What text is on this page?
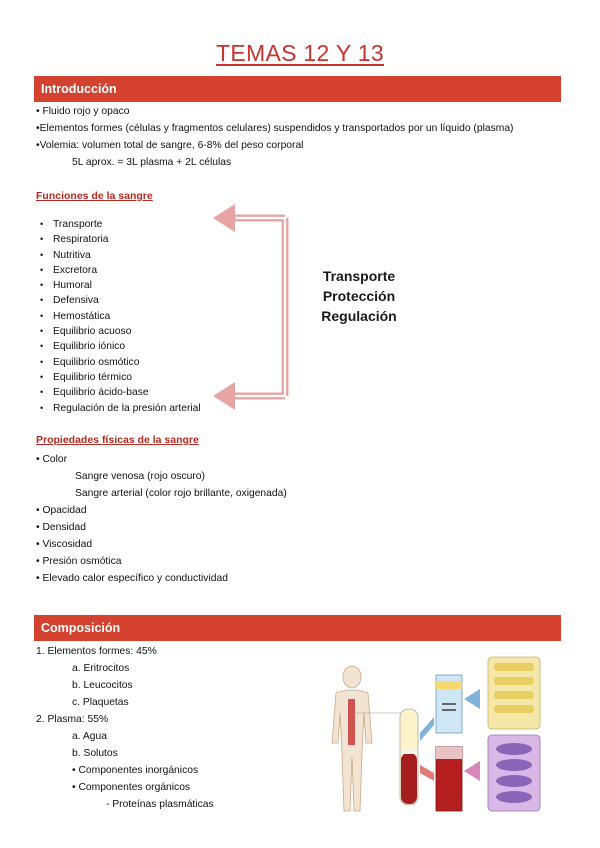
TEMAS 12 Y 13
Introducción
• Fluido rojo y opaco
•Elementos formes (células y fragmentos celulares) suspendidos y transportados por un líquido (plasma)
•Volemia: volumen total de sangre, 6-8% del peso corporal
5L aprox. = 3L plasma + 2L células
Funciones de la sangre
• Transporte
• Respiratoria
• Nutritiva
• Excretora
• Humoral
• Defensiva
• Hemostática
• Equilibrio acuoso
• Equilibrio iónico
• Equilibrio osmótico
• Equilibrio térmico
• Equilibrio ácido-base
• Regulación de la presión arterial
Transporte
Protección
Regulación
Propiedades físicas de la sangre
• Color
Sangre venosa (rojo oscuro)
Sangre arterial (color rojo brillante, oxigenada)
• Opacidad
• Densidad
• Viscosidad
• Presión osmótica
• Elevado calor específico y conductividad
Composición
1. Elementos formes: 45%
a. Eritrocitos
b. Leucocitos
c. Plaquetas
2. Plasma: 55%
a. Agua
b. Solutos
• Componentes inorgánicos
• Componentes orgánicos
- Proteínas plasmáticas
